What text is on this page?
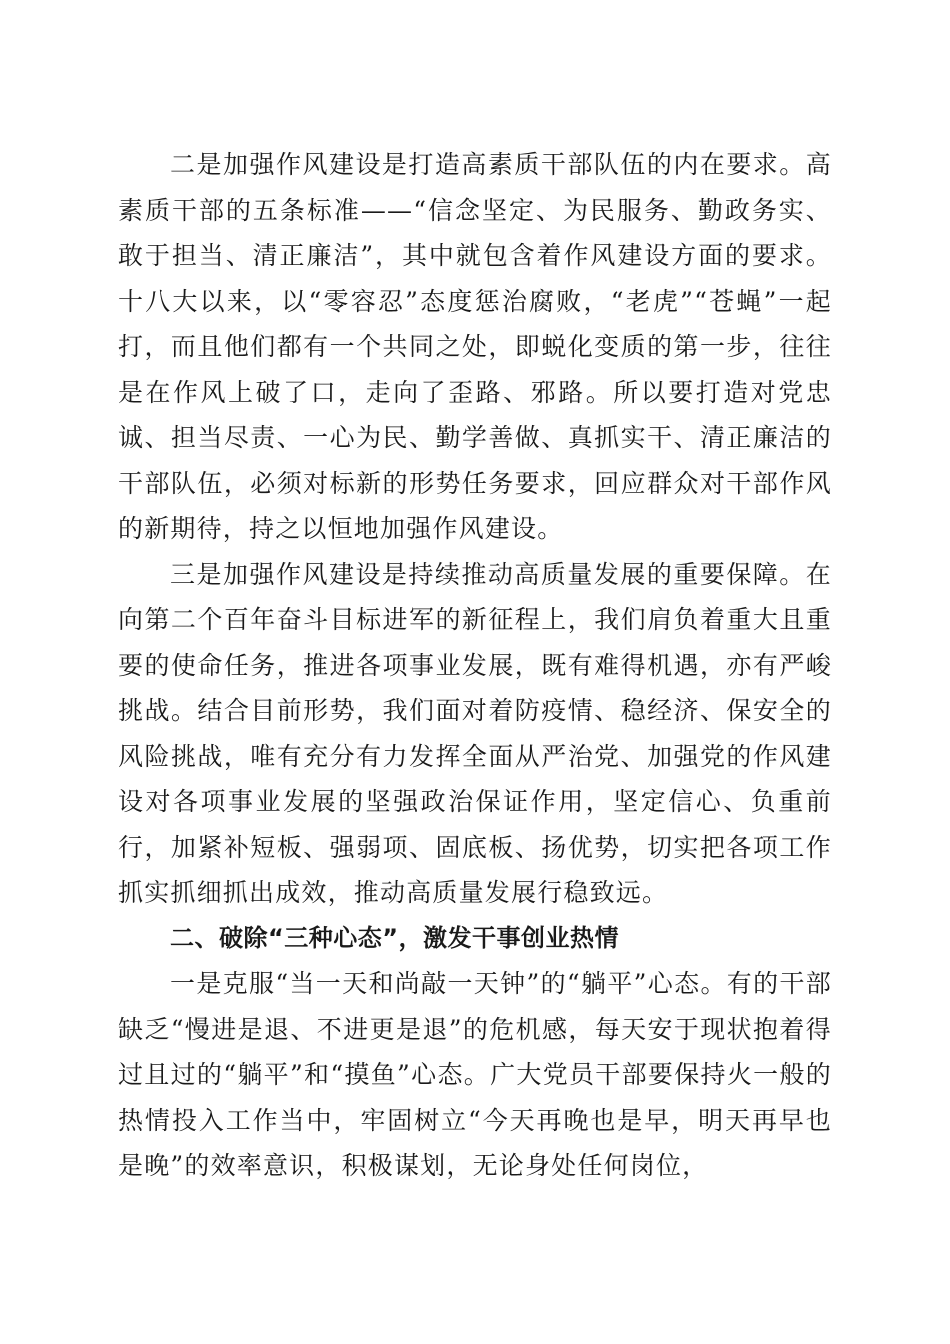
二是加强作风建设是打造高素质干部队伍的内在要求。高素质干部的五条标准——“信念坚定、为民服务、勤政务实、敢于担当、清正廉洁”，其中就包含着作风建设方面的要求。十八大以来，以“零容忍”态度惩治腐败，“老虎”“苍蝇”一起打，而且他们都有一个共同之处，即蜕化变质的第一步，往往是在作风上破了口，走向了歪路、邪路。所以要打造对党忠诚、担当尽责、一心为民、勤学善做、真抓实干、清正廉洁的干部队伍，必须对标新的形势任务要求，回应群众对干部作风的新期待，持之以恒地加强作风建设。

三是加强作风建设是持续推动高质量发展的重要保障。在向第二个百年奋斗目标进军的新征程上，我们肩负着重大且重要的使命任务，推进各项事业发展，既有难得机遇，亦有严峻挑战。结合目前形势，我们面对着防疫情、稳经济、保安全的风险挑战，唯有充分有力发挥全面从严治党、加强党的作风建设对各项事业发展的坚强政治保证作用，坚定信心、负重前行，加紧补短板、强弱项、固底板、扬优势，切实把各项工作抓实抓细抓出成效，推动高质量发展行稳致远。

二、破除“三种心态”，激发干事创业热情

一是克服“当一天和尚敲一天钟”的“躺平”心态。有的干部缺乏“慢进是退、不进更是退”的危机感，每天安于现状抱着得过且过的“躺平”和“摸鱼”心态。广大党员干部要保持火一般的热情投入工作当中，牢固树立“今天再晚也是早，明天再早也是晚”的效率意识，积极谋划，无论身处任何岗位，
